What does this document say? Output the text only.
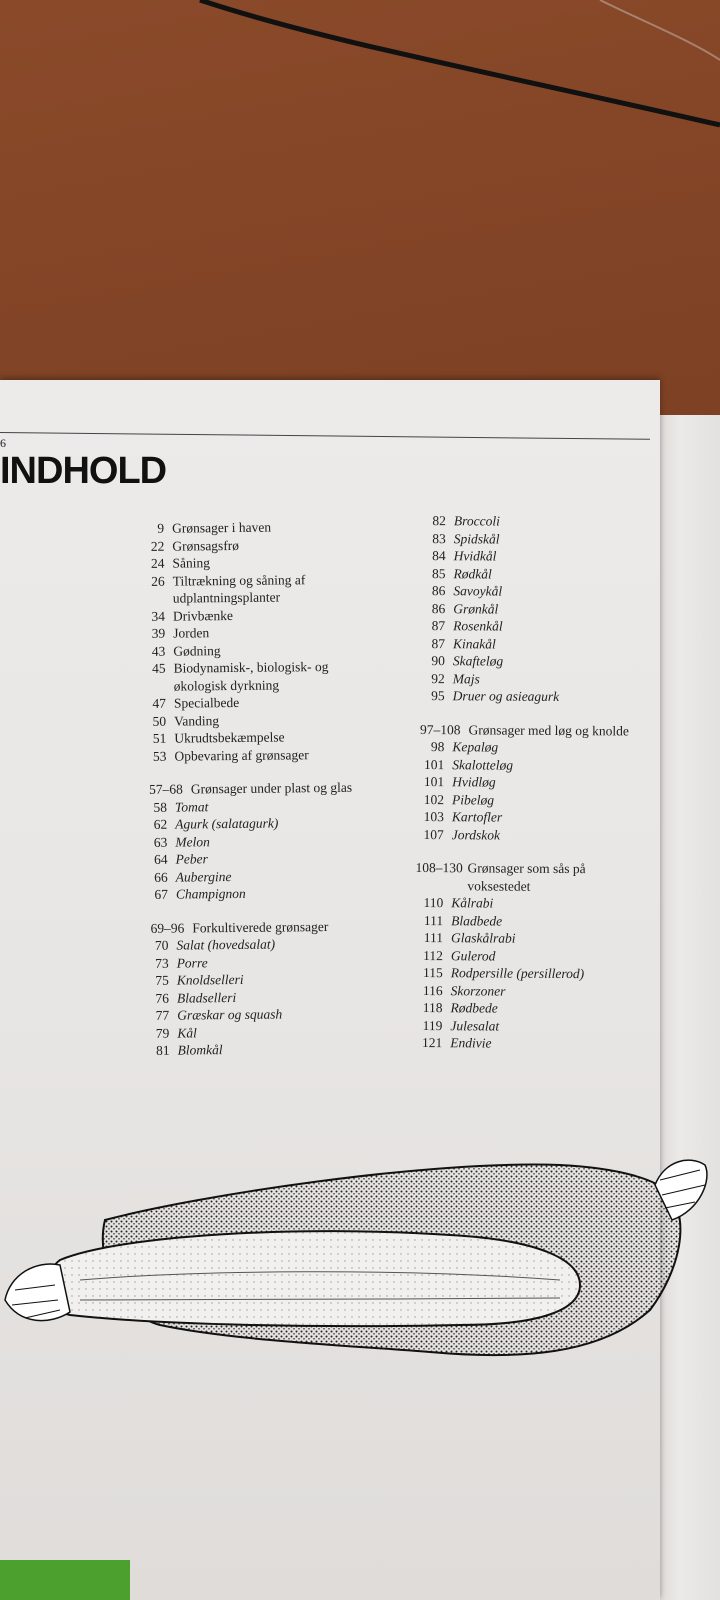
6
INDHOLD
9 Grønsager i haven
22 Grønsagsfrø
24 Såning
26 Tiltrækning og såning af
udplantningsplanter
34 Drivbænke
39 Jorden
43 Gødning
45 Biodynamisk-, biologisk- og
økologisk dyrkning
47 Specialbede
50 Vanding
51 Ukrudtsbekæmpelse
53 Opbevaring af grønsager
57–68 Grønsager under plast og glas
58 Tomat
62 Agurk (salatagurk)
63 Melon
64 Peber
66 Aubergine
67 Champignon
69–96 Forkultiverede grønsager
70 Salat (hovedsalat)
73 Porre
75 Knoldselleri
76 Bladselleri
77 Græskar og squash
79 Kål
81 Blomkål
82 Broccoli
83 Spidskål
84 Hvidkål
85 Rødkål
86 Savoykål
86 Grønkål
87 Rosenkål
87 Kinakål
90 Skafteløg
92 Majs
95 Druer og asieagurk
97–108 Grønsager med løg og knolde
98 Kepaløg
101 Skalotteløg
101 Hvidløg
102 Pibeløg
103 Kartofler
107 Jordskok
108–130 Grønsager som sås på
voksestedet
110 Kålrabi
111 Bladbede
111 Glaskålrabi
112 Gulerod
115 Rodpersille (persillerod)
116 Skorzoner
118 Rødbede
119 Julesalat
121 Endivie
